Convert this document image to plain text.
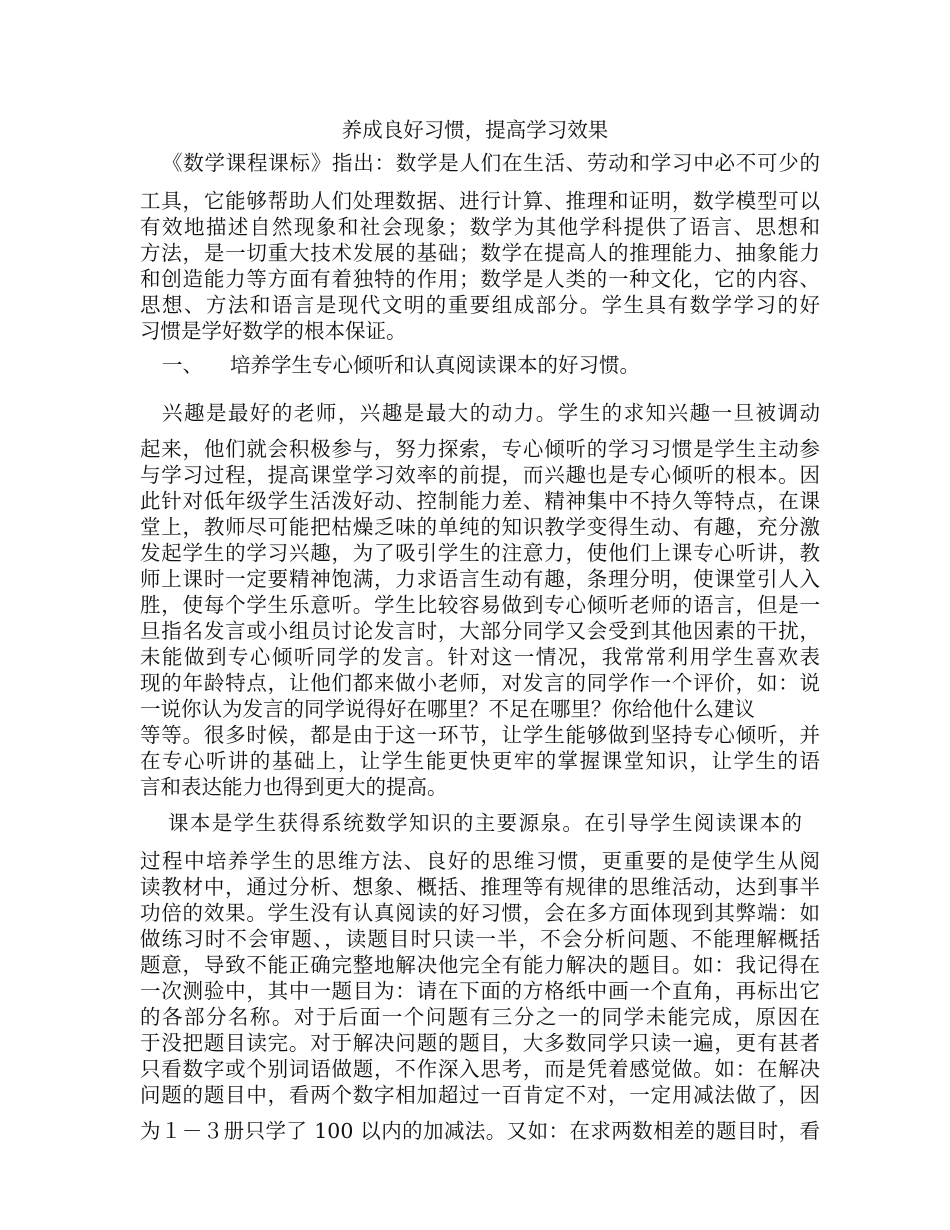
养成良好习惯，提高学习效果
《数学课程课标》指出：数学是人们在生活、劳动和学习中必不可少的
工具，它能够帮助人们处理数据、进行计算、推理和证明，数学模型可以
有效地描述自然现象和社会现象；数学为其他学科提供了语言、思想和
方法，是一切重大技术发展的基础；数学在提高人的推理能力、抽象能力
和创造能力等方面有着独特的作用；数学是人类的一种文化，它的内容、
思想、方法和语言是现代文明的重要组成部分。学生具有数学学习的好
习惯是学好数学的根本保证。
一、 培养学生专心倾听和认真阅读课本的好习惯。
兴趣是最好的老师，兴趣是最大的动力。学生的求知兴趣一旦被调动
起来，他们就会积极参与，努力探索，专心倾听的学习习惯是学生主动参
与学习过程，提高课堂学习效率的前提，而兴趣也是专心倾听的根本。因
此针对低年级学生活泼好动、控制能力差、精神集中不持久等特点，在课
堂上，教师尽可能把枯燥乏味的单纯的知识教学变得生动、有趣，充分激
发起学生的学习兴趣，为了吸引学生的注意力，使他们上课专心听讲，教
师上课时一定要精神饱满，力求语言生动有趣，条理分明，使课堂引人入
胜，使每个学生乐意听。学生比较容易做到专心倾听老师的语言，但是一
旦指名发言或小组员讨论发言时，大部分同学又会受到其他因素的干扰，
未能做到专心倾听同学的发言。针对这一情况，我常常利用学生喜欢表
现的年龄特点，让他们都来做小老师，对发言的同学作一个评价，如：说
一说你认为发言的同学说得好在哪里？不足在哪里？你给他什么建议
等等。很多时候，都是由于这一环节，让学生能够做到坚持专心倾听，并
在专心听讲的基础上，让学生能更快更牢的掌握课堂知识，让学生的语
言和表达能力也得到更大的提高。
课本是学生获得系统数学知识的主要源泉。在引导学生阅读课本的
过程中培养学生的思维方法、良好的思维习惯，更重要的是使学生从阅
读教材中，通过分析、想象、概括、推理等有规律的思维活动，达到事半
功倍的效果。学生没有认真阅读的好习惯，会在多方面体现到其弊端：如
做练习时不会审题、，读题目时只读一半，不会分析问题、不能理解概括
题意，导致不能正确完整地解决他完全有能力解决的题目。如：我记得在
一次测验中，其中一题目为：请在下面的方格纸中画一个直角，再标出它
的各部分名称。对于后面一个问题有三分之一的同学未能完成，原因在
于没把题目读完。对于解决问题的题目，大多数同学只读一遍，更有甚者
只看数字或个别词语做题，不作深入思考，而是凭着感觉做。如：在解决
问题的题目中，看两个数字相加超过一百肯定不对，一定用减法做了，因
为１－３册只学了 100 以内的加减法。又如：在求两数相差的题目时，看
